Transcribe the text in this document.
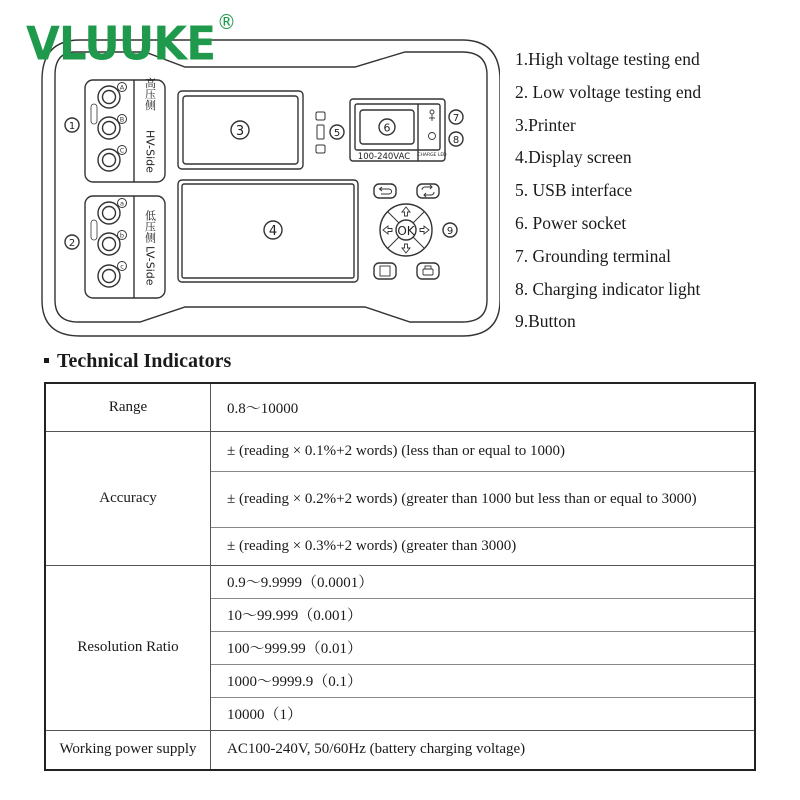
VLUUKE®
A
B
C
高压侧
HV-Side
a
b
c
低压侧
LV-Side
1
2
3	5	6
100-240VAC CHARGE LED
7
8
4	OK	9
1.High voltage testing end
2. Low voltage testing end
3.Printer
4.Display screen
5. USB interface
6. Power socket
7. Grounding terminal
8. Charging indicator light
9.Button
Technical Indicators
Range	0.8～10000
Accuracy	± (reading × 0.1%+2 words) (less than or equal to 1000)
	± (reading × 0.2%+2 words) (greater than 1000 but less than or equal to 3000)
	± (reading × 0.3%+2 words) (greater than 3000)
Resolution Ratio	0.9～9.9999（0.0001）
	10～99.999（0.001）
	100～999.99（0.01）
	1000～9999.9（0.1）
	10000（1）
Working power supply	AC100-240V, 50/60Hz (battery charging voltage)
